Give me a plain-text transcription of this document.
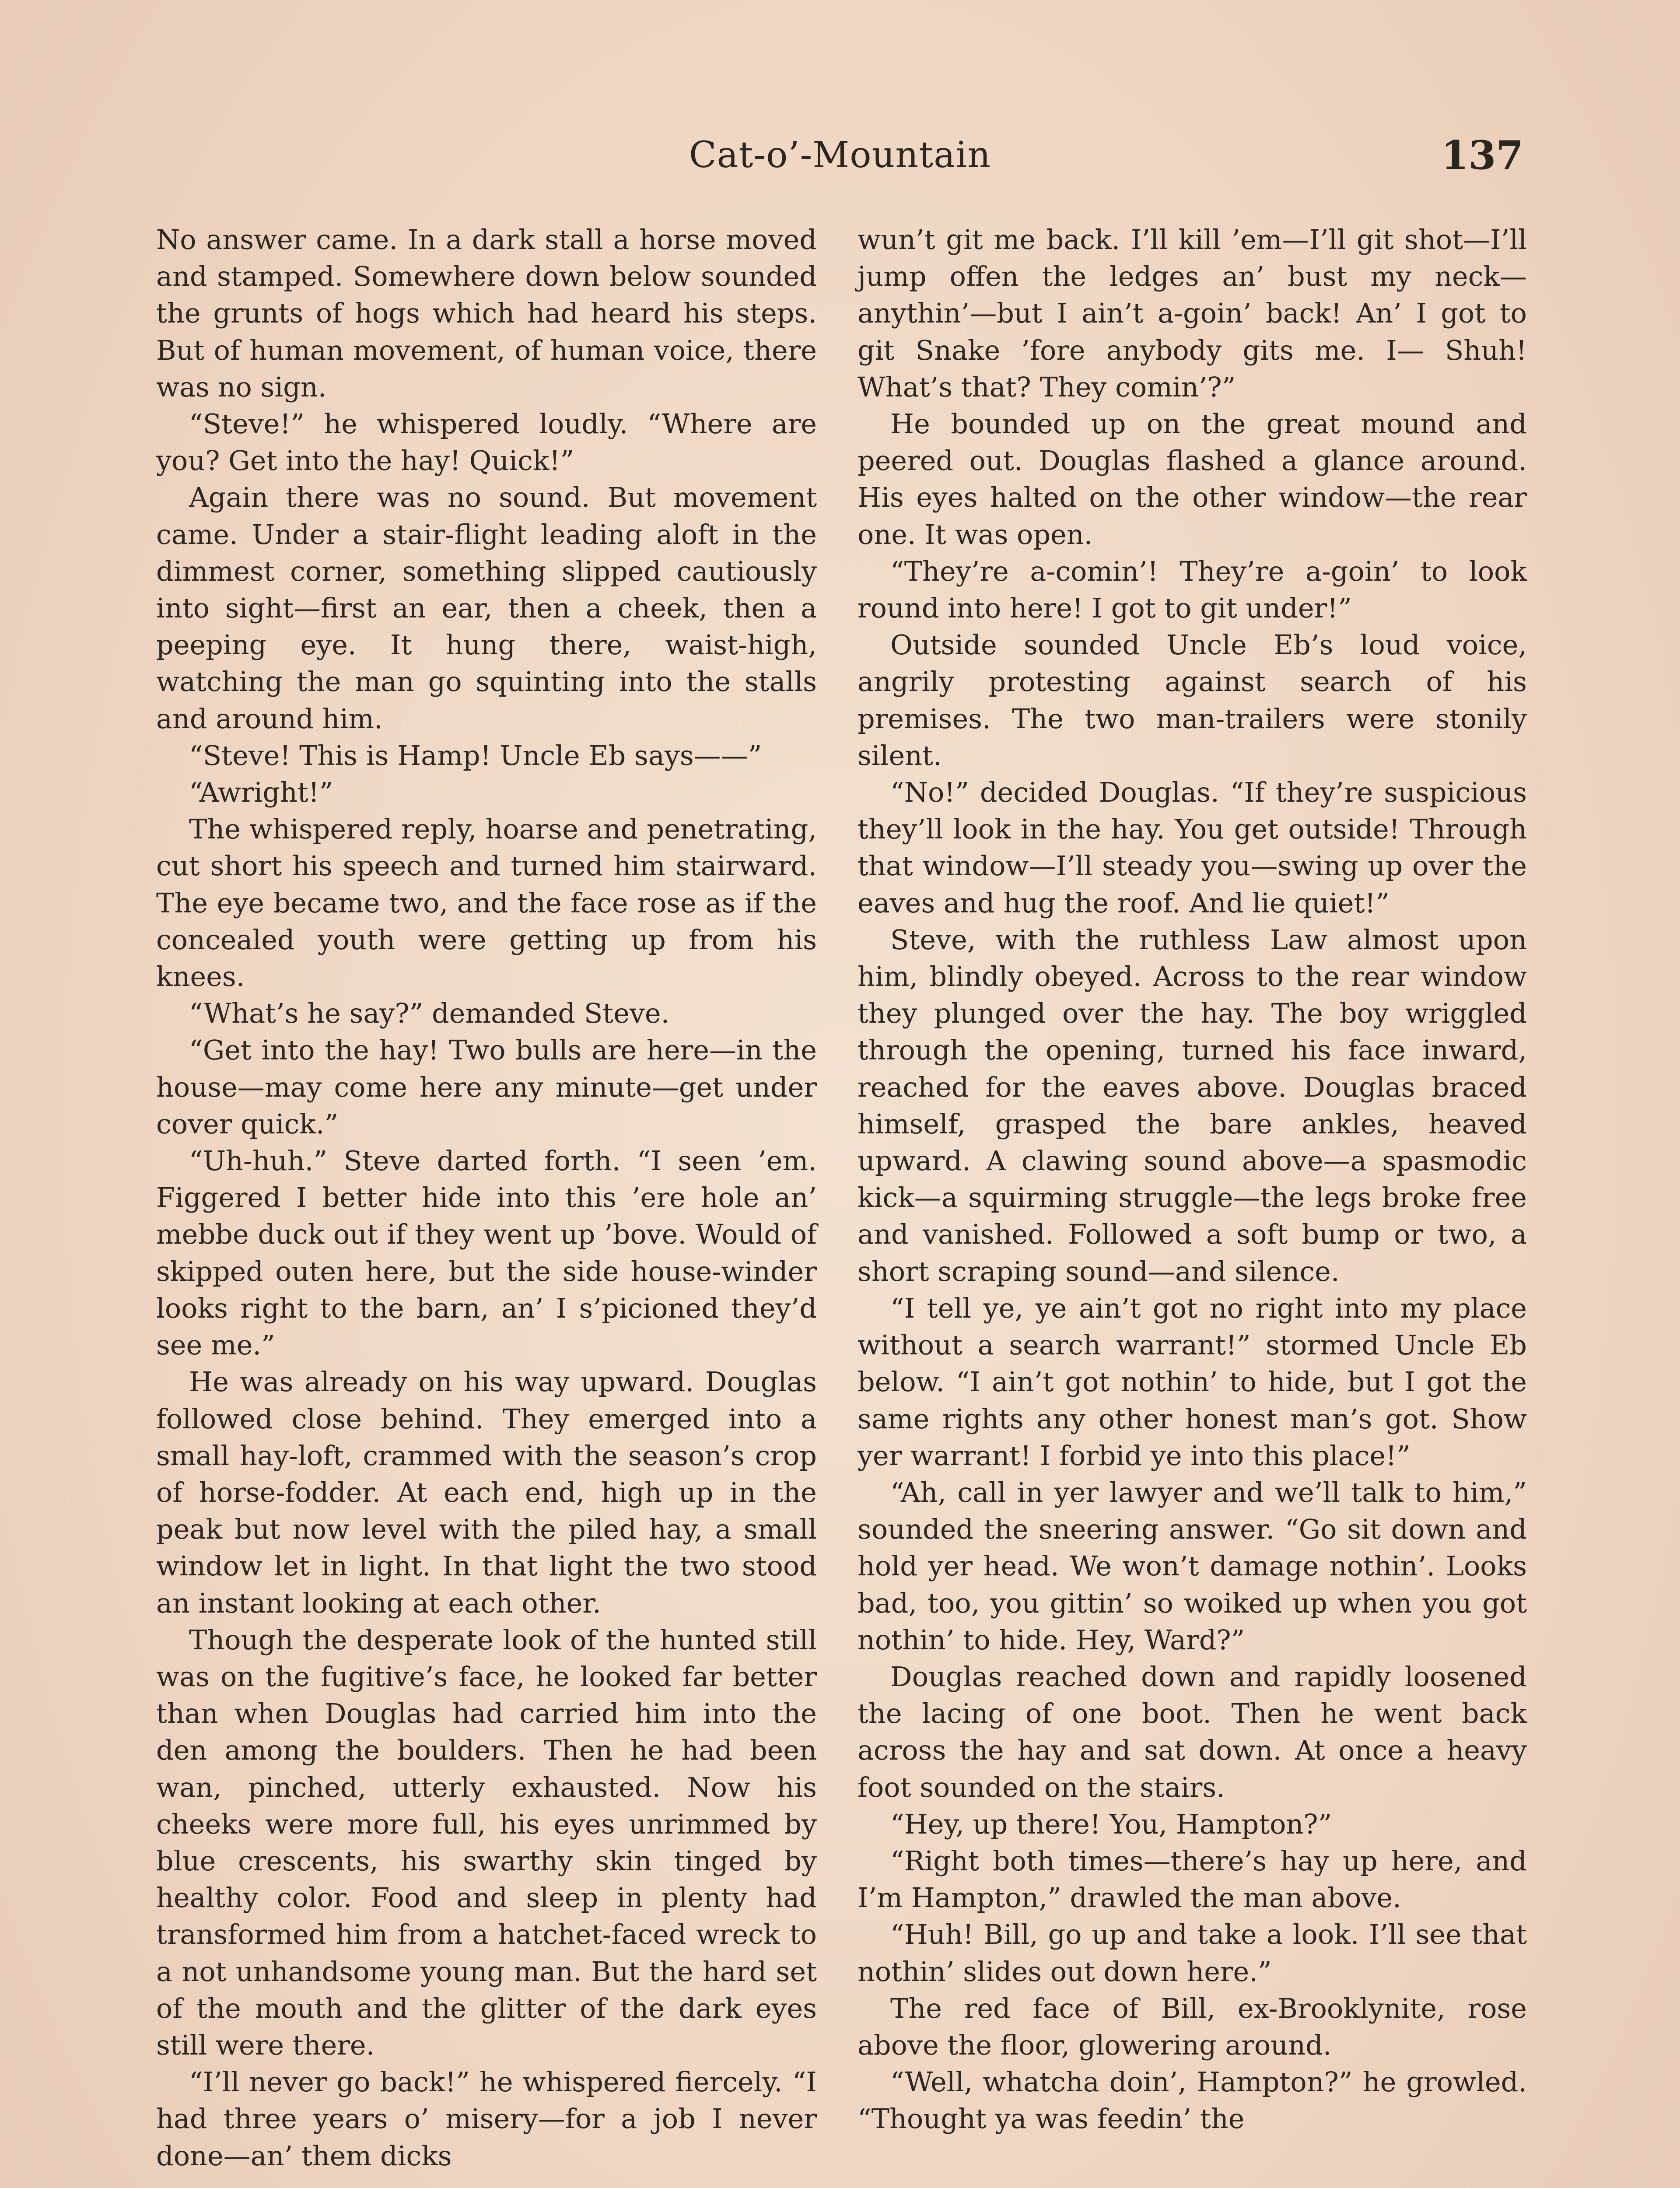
Cat-o’-Mountain	137

No answer came. In a dark stall a horse moved and stamped. Somewhere down below sounded the grunts of hogs which had heard his steps. But of human movement, of human voice, there was no sign.

“Steve!” he whispered loudly. “Where are you? Get into the hay! Quick!”

Again there was no sound. But movement came. Under a stair-flight leading aloft in the dimmest corner, something slipped cautiously into sight—first an ear, then a cheek, then a peeping eye. It hung there, waist-high, watching the man go squinting into the stalls and around him.

“Steve! This is Hamp! Uncle Eb says——”

“Awright!”

The whispered reply, hoarse and penetrating, cut short his speech and turned him stairward. The eye became two, and the face rose as if the concealed youth were getting up from his knees.

“What’s he say?” demanded Steve.

“Get into the hay! Two bulls are here—in the house—may come here any minute—get under cover quick.”

“Uh-huh.” Steve darted forth. “I seen ’em. Figgered I better hide into this ’ere hole an’ mebbe duck out if they went up ’bove. Would of skipped outen here, but the side house-winder looks right to the barn, an’ I s’picioned they’d see me.”

He was already on his way upward. Douglas followed close behind. They emerged into a small hay-loft, crammed with the season’s crop of horse-fodder. At each end, high up in the peak but now level with the piled hay, a small window let in light. In that light the two stood an instant looking at each other.

Though the desperate look of the hunted still was on the fugitive’s face, he looked far better than when Douglas had carried him into the den among the boulders. Then he had been wan, pinched, utterly exhausted. Now his cheeks were more full, his eyes unrimmed by blue crescents, his swarthy skin tinged by healthy color. Food and sleep in plenty had transformed him from a hatchet-faced wreck to a not unhandsome young man. But the hard set of the mouth and the glitter of the dark eyes still were there.

“I’ll never go back!” he whispered fiercely. “I had three years o’ misery—for a job I never done—an’ them dicks

wun’t git me back. I’ll kill ’em—I’ll git shot—I’ll jump offen the ledges an’ bust my neck—anythin’—but I ain’t a-goin’ back! An’ I got to git Snake ’fore anybody gits me. I— Shuh! What’s that? They comin’?”

He bounded up on the great mound and peered out. Douglas flashed a glance around. His eyes halted on the other window—the rear one. It was open.

“They’re a-comin’! They’re a-goin’ to look round into here! I got to git under!”

Outside sounded Uncle Eb’s loud voice, angrily protesting against search of his premises. The two man-trailers were stonily silent.

“No!” decided Douglas. “If they’re suspicious they’ll look in the hay. You get outside! Through that window—I’ll steady you—swing up over the eaves and hug the roof. And lie quiet!”

Steve, with the ruthless Law almost upon him, blindly obeyed. Across to the rear window they plunged over the hay. The boy wriggled through the opening, turned his face inward, reached for the eaves above. Douglas braced himself, grasped the bare ankles, heaved upward. A clawing sound above—a spasmodic kick—a squirming struggle—the legs broke free and vanished. Followed a soft bump or two, a short scraping sound—and silence.

“I tell ye, ye ain’t got no right into my place without a search warrant!” stormed Uncle Eb below. “I ain’t got nothin’ to hide, but I got the same rights any other honest man’s got. Show yer warrant! I forbid ye into this place!”

“Ah, call in yer lawyer and we’ll talk to him,” sounded the sneering answer. “Go sit down and hold yer head. We won’t damage nothin’. Looks bad, too, you gittin’ so woiked up when you got nothin’ to hide. Hey, Ward?”

Douglas reached down and rapidly loosened the lacing of one boot. Then he went back across the hay and sat down. At once a heavy foot sounded on the stairs.

“Hey, up there! You, Hampton?”

“Right both times—there’s hay up here, and I’m Hampton,” drawled the man above.

“Huh! Bill, go up and take a look. I’ll see that nothin’ slides out down here.”

The red face of Bill, ex-Brooklynite, rose above the floor, glowering around.

“Well, whatcha doin’, Hampton?” he growled. “Thought ya was feedin’ the
